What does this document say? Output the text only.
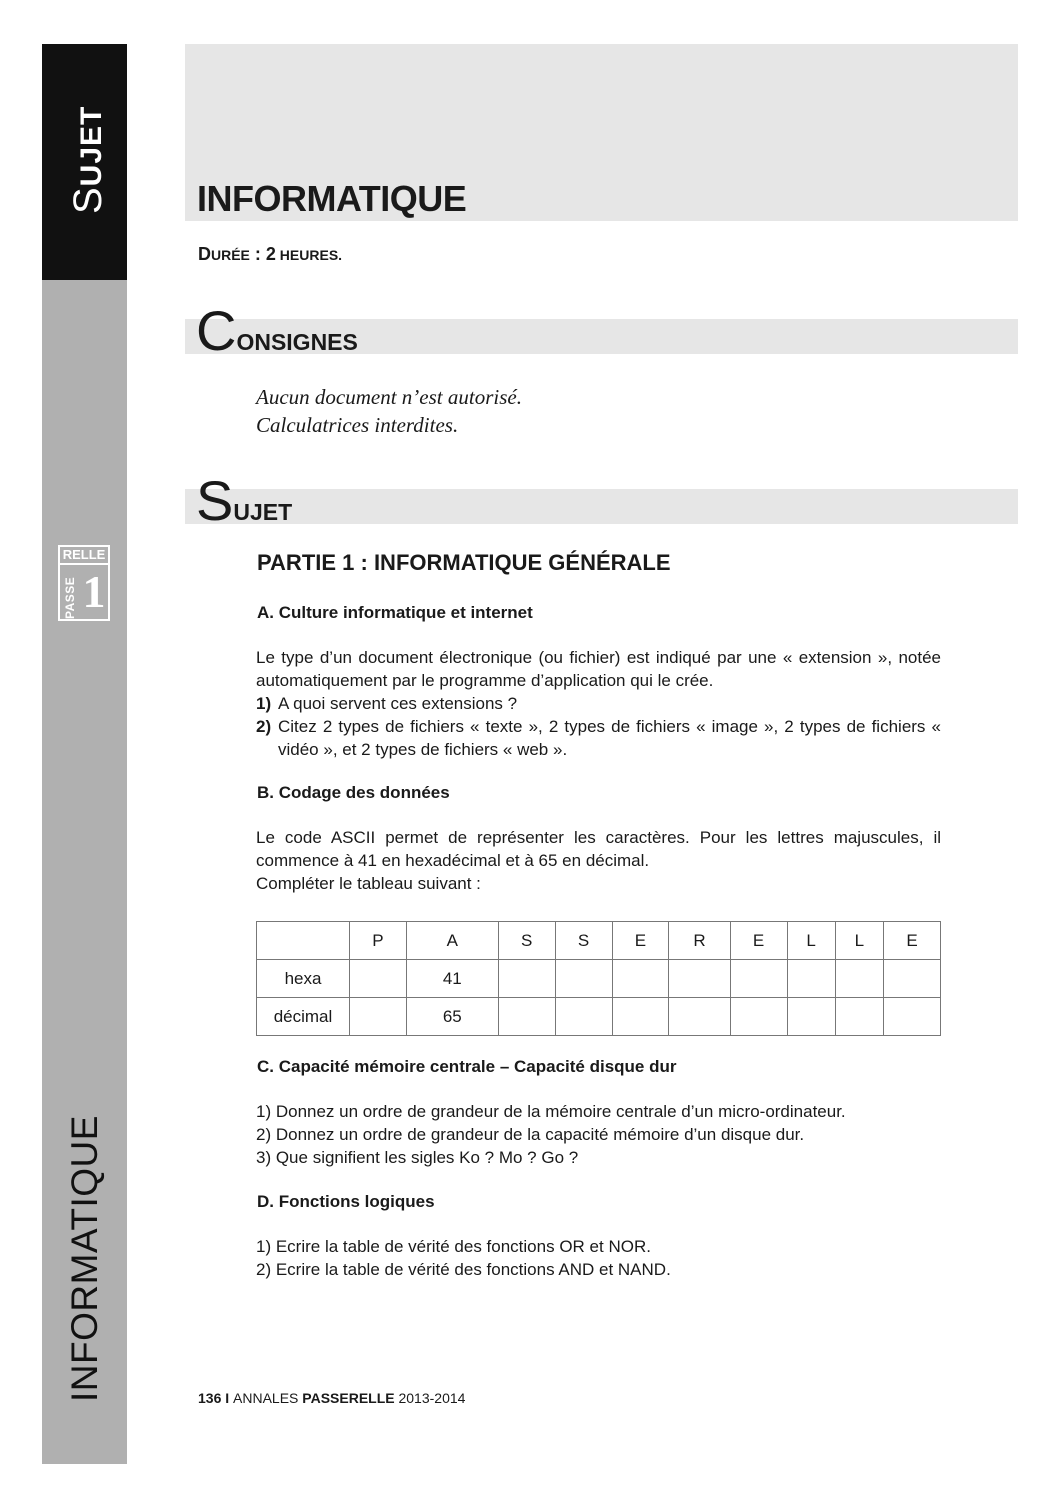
SUJET
RELLE
PASSE 1
INFORMATIQUE
INFORMATIQUE
DURÉE : 2 HEURES.
CONSIGNES
Aucun document n’est autorisé.
Calculatrices interdites.
SUJET
PARTIE 1 : INFORMATIQUE GÉNÉRALE
A. Culture informatique et internet

Le type d’un document électronique (ou fichier) est indiqué par une « extension », notée automatiquement par le programme d’application qui le crée.

1) A quoi servent ces extensions ?
2) Citez 2 types de fichiers « texte », 2 types de fichiers « image », 2 types de fichiers « vidéo », et 2 types de fichiers « web ».
B. Codage des données

Le code ASCII permet de représenter les caractères. Pour les lettres majuscules, il commence à 41 en hexadécimal et à 65 en décimal.

Compléter le tableau suivant :

	P	A	S	S	E	R	E	L	L	E
hexa		41								
décimal		65								
C. Capacité mémoire centrale – Capacité disque dur

1) Donnez un ordre de grandeur de la mémoire centrale d’un micro-ordinateur.

2) Donnez un ordre de grandeur de la capacité mémoire d’un disque dur.

3) Que signifient les sigles Ko ? Mo ? Go ?

D. Fonctions logiques

1) Ecrire la table de vérité des fonctions OR et NOR.

2) Ecrire la table de vérité des fonctions AND et NAND.

136 I ANNALES PASSERELLE 2013-2014
